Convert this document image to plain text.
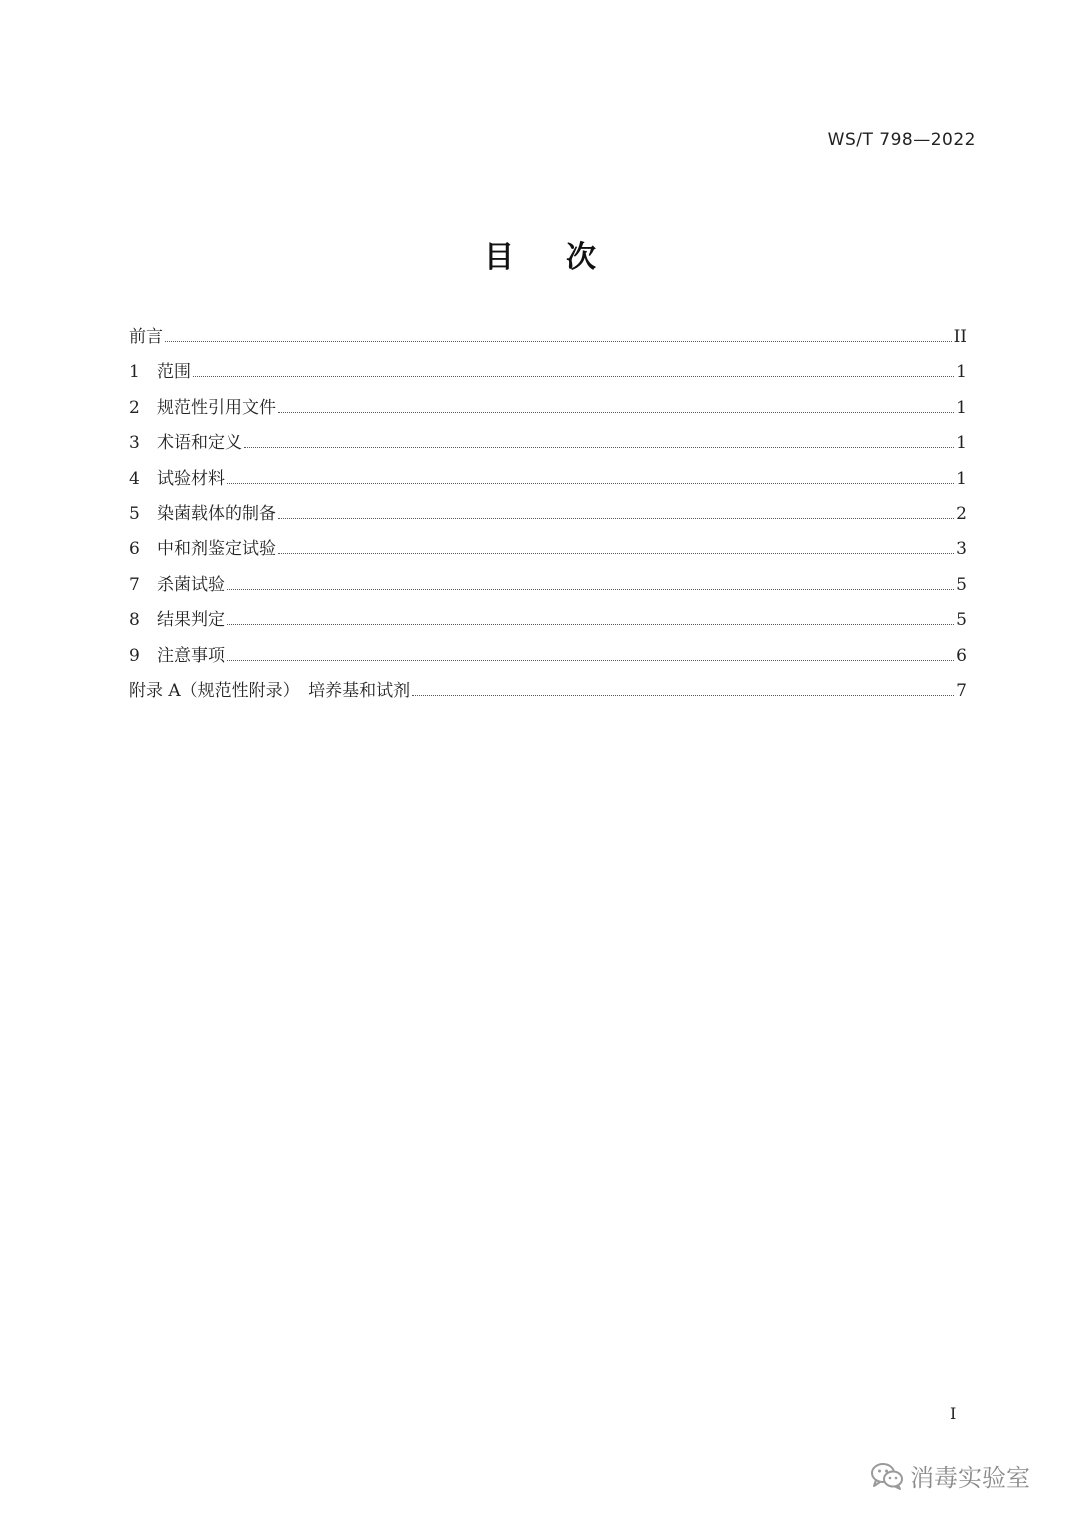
WS/T 798—2022
目次
前言	II
1	范围	1
2	规范性引用文件	1
3	术语和定义	1
4	试验材料	1
5	染菌载体的制备	2
6	中和剂鉴定试验	3
7	杀菌试验	5
8	结果判定	5
9	注意事项	6
附录 A（规范性附录）　培养基和试剂	7
I
消毒实验室
